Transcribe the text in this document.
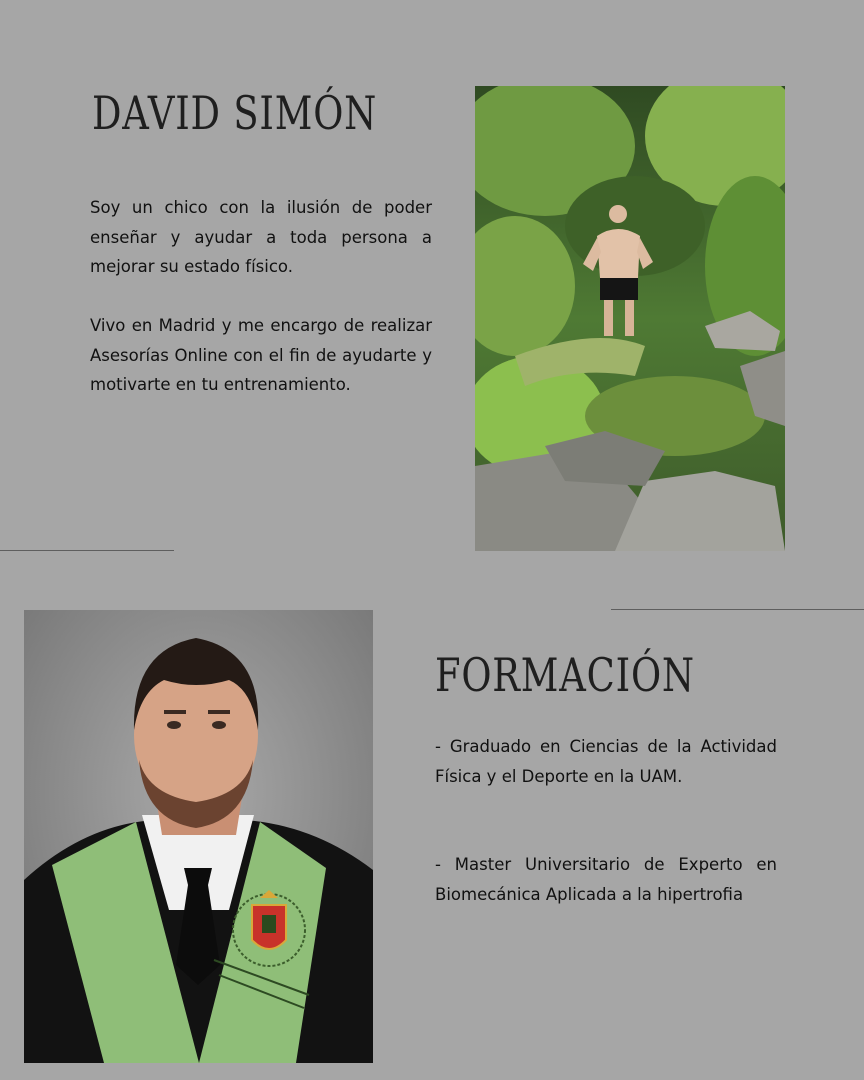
DAVID SIMÓN

Soy un chico con la ilusión de poder enseñar y ayudar a toda persona a mejorar su estado físico.

Vivo en Madrid y me encargo de realizar Asesorías Online con el fin de ayudarte y motivarte en tu entrenamiento.

FORMACIÓN

- Graduado en Ciencias de la Actividad Física y el Deporte en la UAM.

- Master Universitario de Experto en Biomecánica Aplicada a la hipertrofia
